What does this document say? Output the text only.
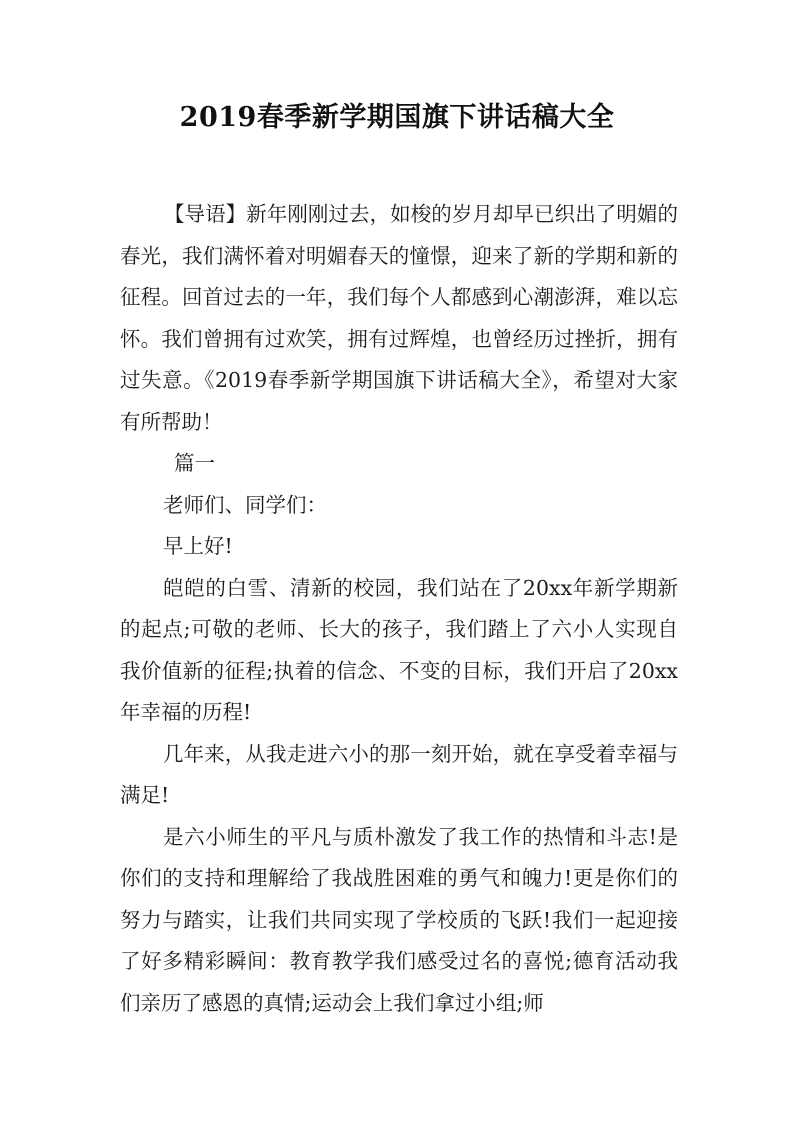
2019春季新学期国旗下讲话稿大全

【导语】新年刚刚过去，如梭的岁月却早已织出了明媚的春光，我们满怀着对明媚春天的憧憬，迎来了新的学期和新的征程。回首过去的一年，我们每个人都感到心潮澎湃，难以忘怀。我们曾拥有过欢笑，拥有过辉煌，也曾经历过挫折，拥有过失意。《2019春季新学期国旗下讲话稿大全》，希望对大家有所帮助！

篇一

老师们、同学们：

早上好!

皑皑的白雪、清新的校园，我们站在了20xx年新学期新的起点;可敬的老师、长大的孩子，我们踏上了六小人实现自我价值新的征程;执着的信念、不变的目标，我们开启了20xx年幸福的历程!

几年来，从我走进六小的那一刻开始，就在享受着幸福与满足!

是六小师生的平凡与质朴激发了我工作的热情和斗志!是你们的支持和理解给了我战胜困难的勇气和魄力!更是你们的努力与踏实，让我们共同实现了学校质的飞跃!我们一起迎接了好多精彩瞬间：教育教学我们感受过名的喜悦;德育活动我们亲历了感恩的真情;运动会上我们拿过小组;师
